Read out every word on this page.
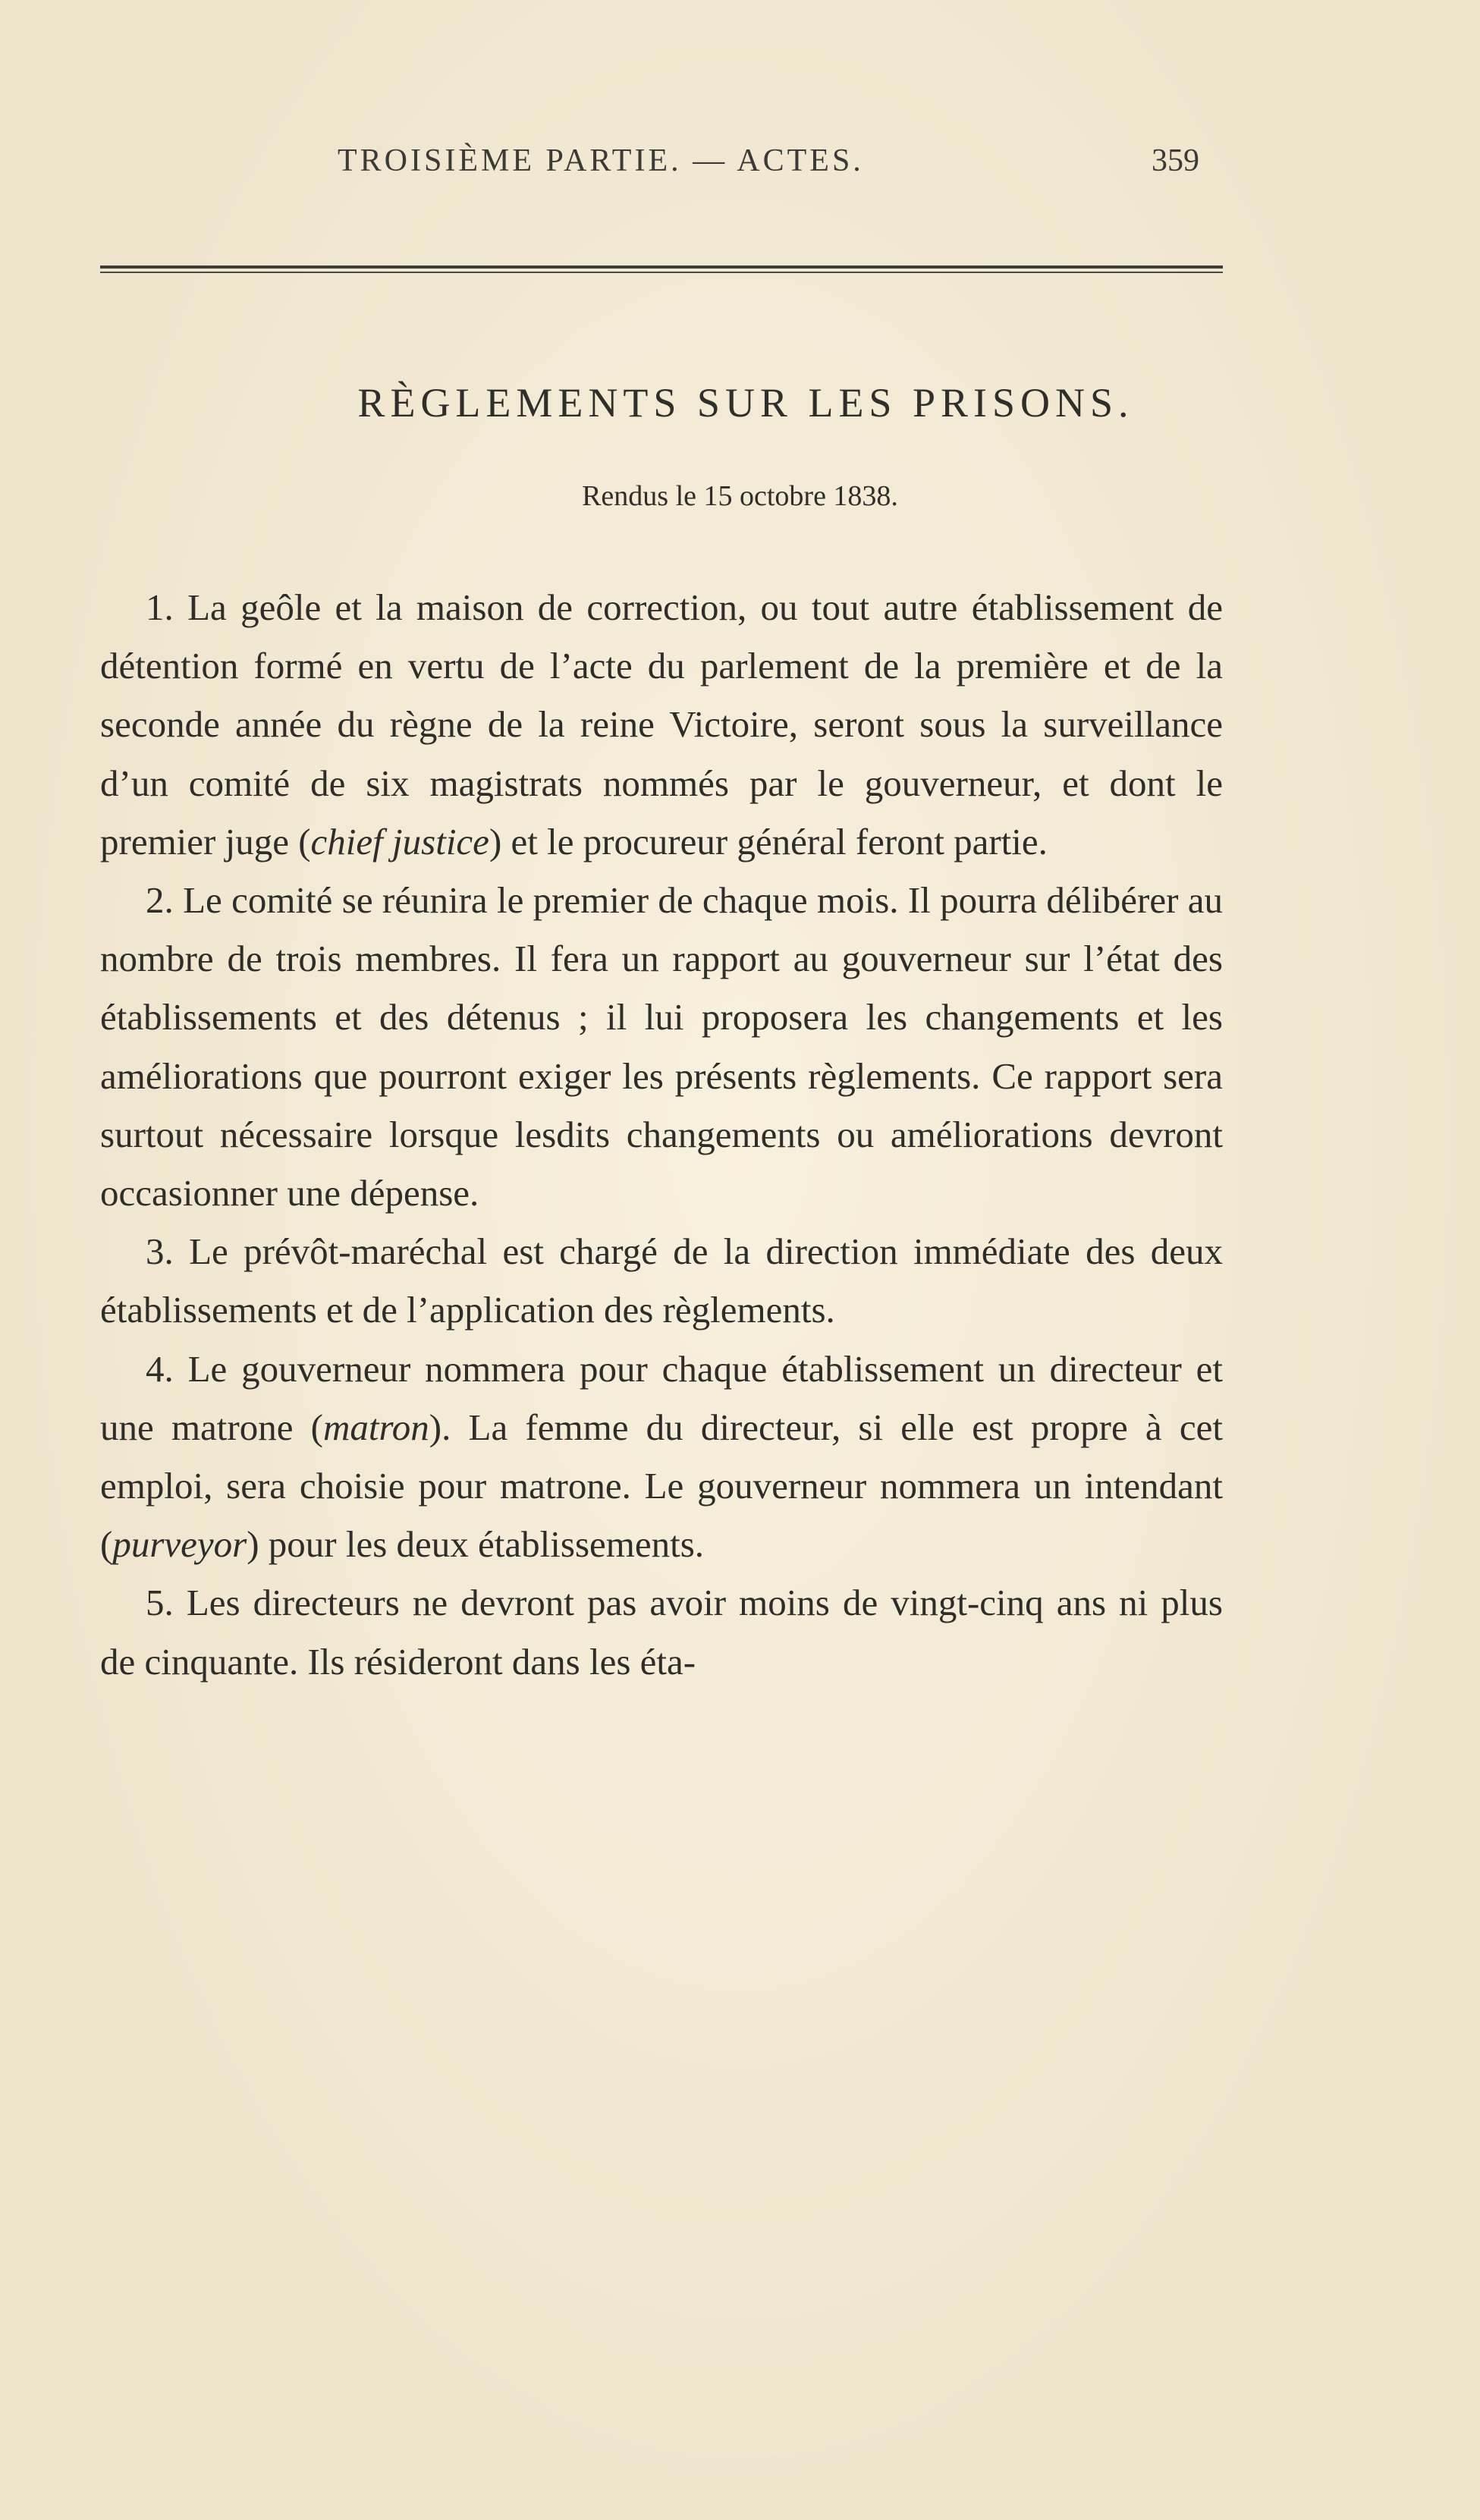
TROISIÈME PARTIE. — ACTES.	359
RÈGLEMENTS SUR LES PRISONS.
Rendus le 15 octobre 1838.

1. La geôle et la maison de correction, ou tout autre établissement de détention formé en vertu de l’acte du parlement de la première et de la seconde année du règne de la reine Victoire, seront sous la surveillance d’un comité de six magistrats nommés par le gouverneur, et dont le premier juge (chief justice) et le procureur général feront partie.

2. Le comité se réunira le premier de chaque mois. Il pourra délibérer au nombre de trois membres. Il fera un rapport au gouverneur sur l’état des établissements et des détenus ; il lui proposera les changements et les améliorations que pourront exiger les présents règlements. Ce rapport sera surtout nécessaire lorsque lesdits changements ou améliorations devront occasionner une dépense.

3. Le prévôt-maréchal est chargé de la direction immédiate des deux établissements et de l’application des règlements.

4. Le gouverneur nommera pour chaque établissement un directeur et une matrone (matron). La femme du directeur, si elle est propre à cet emploi, sera choisie pour matrone. Le gouverneur nommera un intendant (purveyor) pour les deux établissements.

5. Les directeurs ne devront pas avoir moins de vingt-cinq ans ni plus de cinquante. Ils résideront dans les éta-
